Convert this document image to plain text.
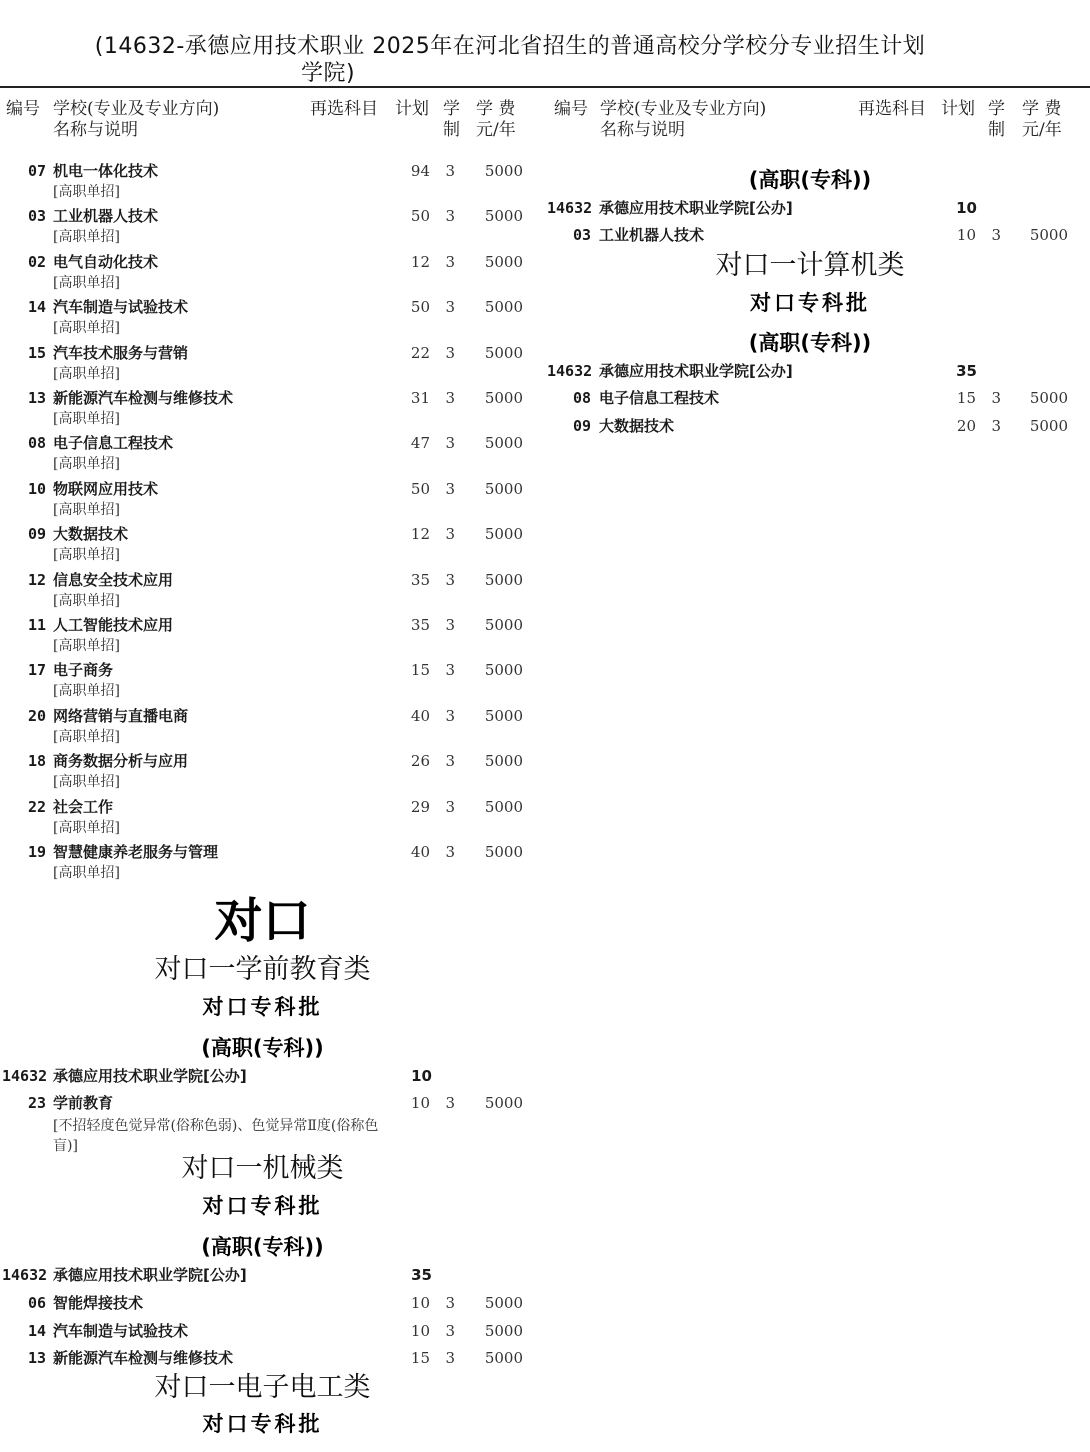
(14632-承德应用技术职业 2025年在河北省招生的普通高校分学校分专业招生计划
学院)
编号 学校(专业及专业方向)
名称与说明
再选科目 计划 学
制
学 费
元/年
编号 学校(专业及专业方向)
名称与说明
再选科目 计划 学
制
学 费
元/年
07 机电一体化技术	94	3	5000
[高职单招]
03 工业机器人技术	50	3	5000
[高职单招]
02 电气自动化技术	12	3	5000
[高职单招]
14 汽车制造与试验技术	50	3	5000
[高职单招]
15 汽车技术服务与营销	22	3	5000
[高职单招]
13 新能源汽车检测与维修技术	31	3	5000
[高职单招]
08 电子信息工程技术	47	3	5000
[高职单招]
10 物联网应用技术	50	3	5000
[高职单招]
09 大数据技术	12	3	5000
[高职单招]
12 信息安全技术应用	35	3	5000
[高职单招]
11 人工智能技术应用	35	3	5000
[高职单招]
17 电子商务	15	3	5000
[高职单招]
20 网络营销与直播电商	40	3	5000
[高职单招]
18 商务数据分析与应用	26	3	5000
[高职单招]
22 社会工作	29	3	5000
[高职单招]
19 智慧健康养老服务与管理	40	3	5000
[高职单招]
对口
对口一学前教育类
对口专科批
(高职(专科))
14632 承德应用技术职业学院[公办]	10
23 学前教育	10	3	5000
[不招轻度色觉异常(俗称色弱)、色觉异常Ⅱ度(俗称色盲)]
对口一机械类
对口专科批
(高职(专科))
14632 承德应用技术职业学院[公办]	35
06 智能焊接技术	10	3	5000
14 汽车制造与试验技术	10	3	5000
13 新能源汽车检测与维修技术	15	3	5000
对口一电子电工类
对口专科批
(高职(专科))
14632 承德应用技术职业学院[公办]	10
03 工业机器人技术	10	3	5000
对口一计算机类
对口专科批
(高职(专科))
14632 承德应用技术职业学院[公办]	35
08 电子信息工程技术	15	3	5000
09 大数据技术	20	3	5000
